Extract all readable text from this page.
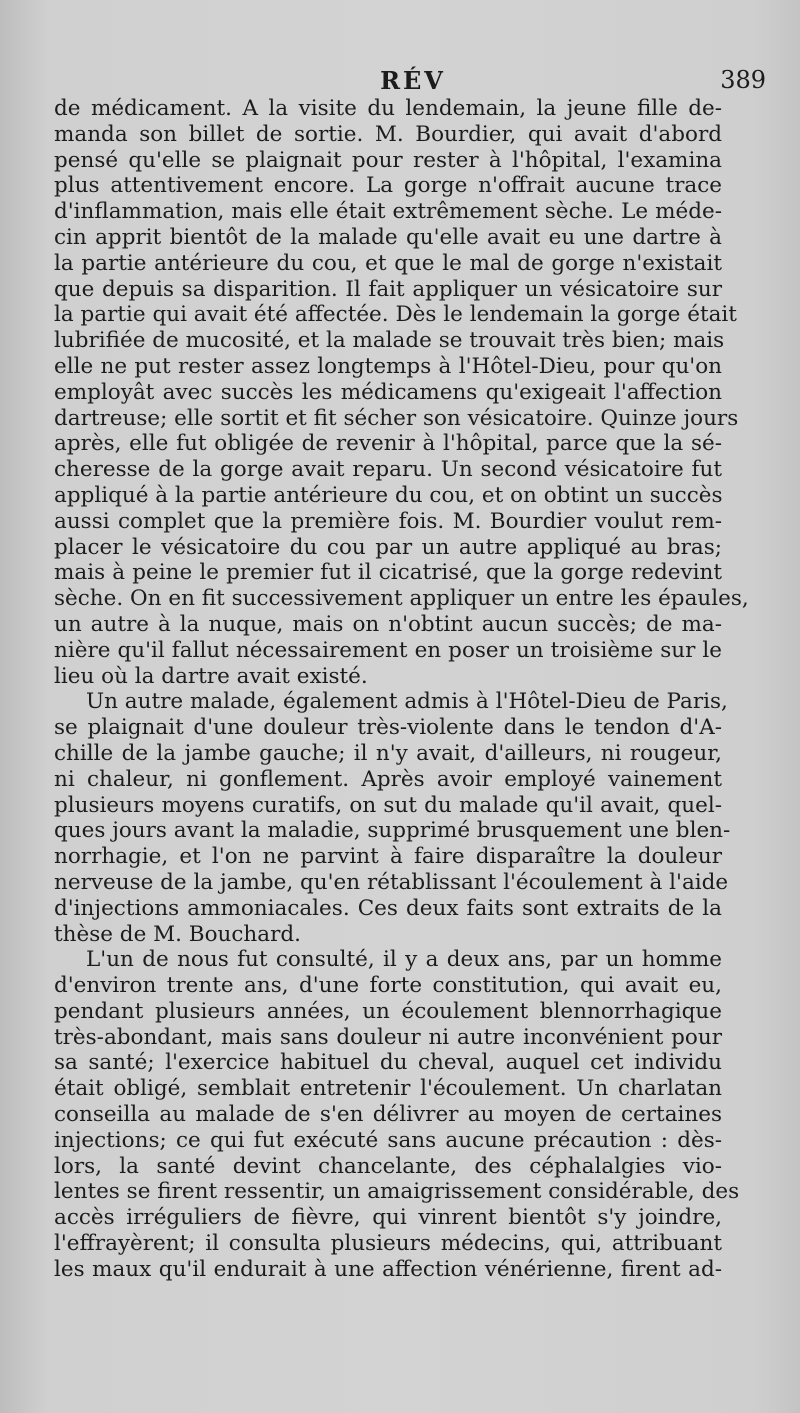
RÉV	389
de médicament. A la visite du lendemain, la jeune fille de-
manda son billet de sortie. M. Bourdier, qui avait d'abord
pensé qu'elle se plaignait pour rester à l'hôpital, l'examina
plus attentivement encore. La gorge n'offrait aucune trace
d'inflammation, mais elle était extrêmement sèche. Le méde-
cin apprit bientôt de la malade qu'elle avait eu une dartre à
la partie antérieure du cou, et que le mal de gorge n'existait
que depuis sa disparition. Il fait appliquer un vésicatoire sur
la partie qui avait été affectée. Dès le lendemain la gorge était
lubrifiée de mucosité, et la malade se trouvait très bien; mais
elle ne put rester assez longtemps à l'Hôtel-Dieu, pour qu'on
employât avec succès les médicamens qu'exigeait l'affection
dartreuse; elle sortit et fit sécher son vésicatoire. Quinze jours
après, elle fut obligée de revenir à l'hôpital, parce que la sé-
cheresse de la gorge avait reparu. Un second vésicatoire fut
appliqué à la partie antérieure du cou, et on obtint un succès
aussi complet que la première fois. M. Bourdier voulut rem-
placer le vésicatoire du cou par un autre appliqué au bras;
mais à peine le premier fut il cicatrisé, que la gorge redevint
sèche. On en fit successivement appliquer un entre les épaules,
un autre à la nuque, mais on n'obtint aucun succès; de ma-
nière qu'il fallut nécessairement en poser un troisième sur le
lieu où la dartre avait existé.
Un autre malade, également admis à l'Hôtel-Dieu de Paris,
se plaignait d'une douleur très-violente dans le tendon d'A-
chille de la jambe gauche; il n'y avait, d'ailleurs, ni rougeur,
ni chaleur, ni gonflement. Après avoir employé vainement
plusieurs moyens curatifs, on sut du malade qu'il avait, quel-
ques jours avant la maladie, supprimé brusquement une blen-
norrhagie, et l'on ne parvint à faire disparaître la douleur
nerveuse de la jambe, qu'en rétablissant l'écoulement à l'aide
d'injections ammoniacales. Ces deux faits sont extraits de la
thèse de M. Bouchard.
L'un de nous fut consulté, il y a deux ans, par un homme
d'environ trente ans, d'une forte constitution, qui avait eu,
pendant plusieurs années, un écoulement blennorrhagique
très-abondant, mais sans douleur ni autre inconvénient pour
sa santé; l'exercice habituel du cheval, auquel cet individu
était obligé, semblait entretenir l'écoulement. Un charlatan
conseilla au malade de s'en délivrer au moyen de certaines
injections; ce qui fut exécuté sans aucune précaution : dès-
lors, la santé devint chancelante, des céphalalgies vio-
lentes se firent ressentir, un amaigrissement considérable, des
accès irréguliers de fièvre, qui vinrent bientôt s'y joindre,
l'effrayèrent; il consulta plusieurs médecins, qui, attribuant
les maux qu'il endurait à une affection vénérienne, firent ad-
